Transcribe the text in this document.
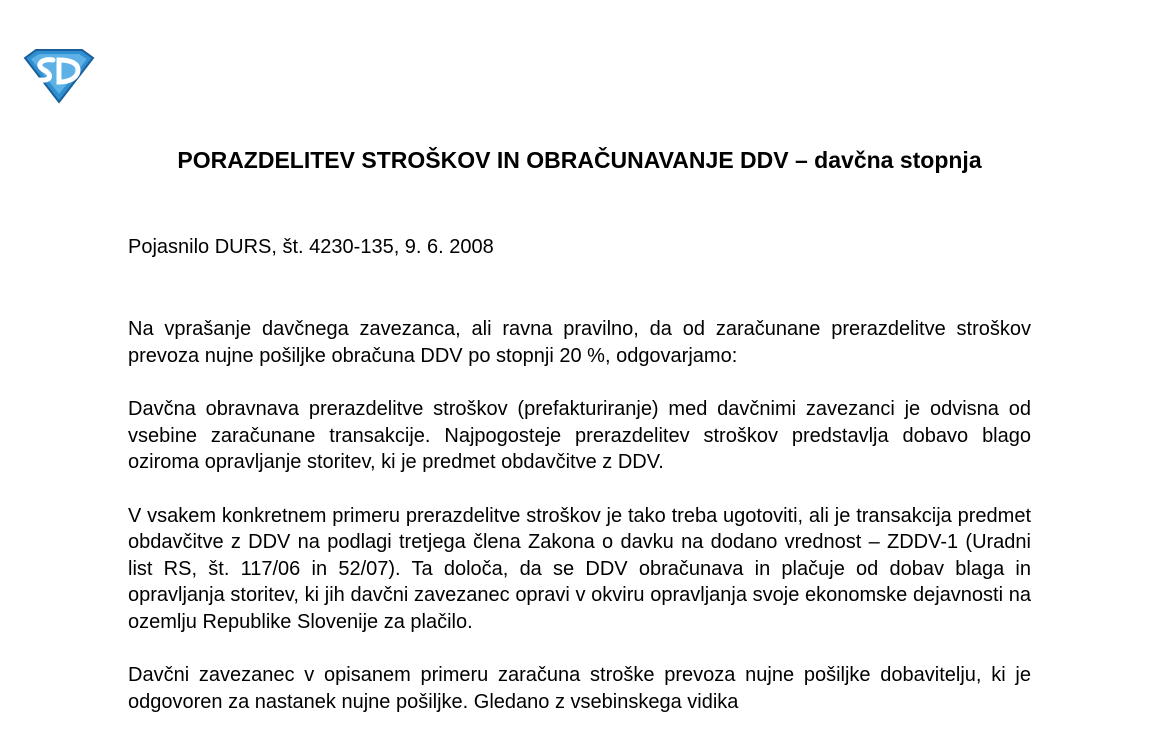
PORAZDELITEV STROŠKOV IN OBRAČUNAVANJE DDV – davčna stopnja

Pojasnilo DURS, št. 4230-135, 9. 6. 2008

Na vprašanje davčnega zavezanca, ali ravna pravilno, da od zaračunane prerazdelitve stroškov prevoza nujne pošiljke obračuna DDV po stopnji 20 %, odgovarjamo:

Davčna obravnava prerazdelitve stroškov (prefakturiranje) med davčnimi zavezanci je odvisna od vsebine zaračunane transakcije. Najpogosteje prerazdelitev stroškov predstavlja dobavo blago oziroma opravljanje storitev, ki je predmet obdavčitve z DDV.

V vsakem konkretnem primeru prerazdelitve stroškov je tako treba ugotoviti, ali je transakcija predmet obdavčitve z DDV na podlagi tretjega člena Zakona o davku na dodano vrednost – ZDDV-1 (Uradni list RS, št. 117/06 in 52/07). Ta določa, da se DDV obračunava in plačuje od dobav blaga in opravljanja storitev, ki jih davčni zavezanec opravi v okviru opravljanja svoje ekonomske dejavnosti na ozemlju Republike Slovenije za plačilo.

Davčni zavezanec v opisanem primeru zaračuna stroške prevoza nujne pošiljke dobavitelju, ki je odgovoren za nastanek nujne pošiljke. Gledano z vsebinskega vidika
